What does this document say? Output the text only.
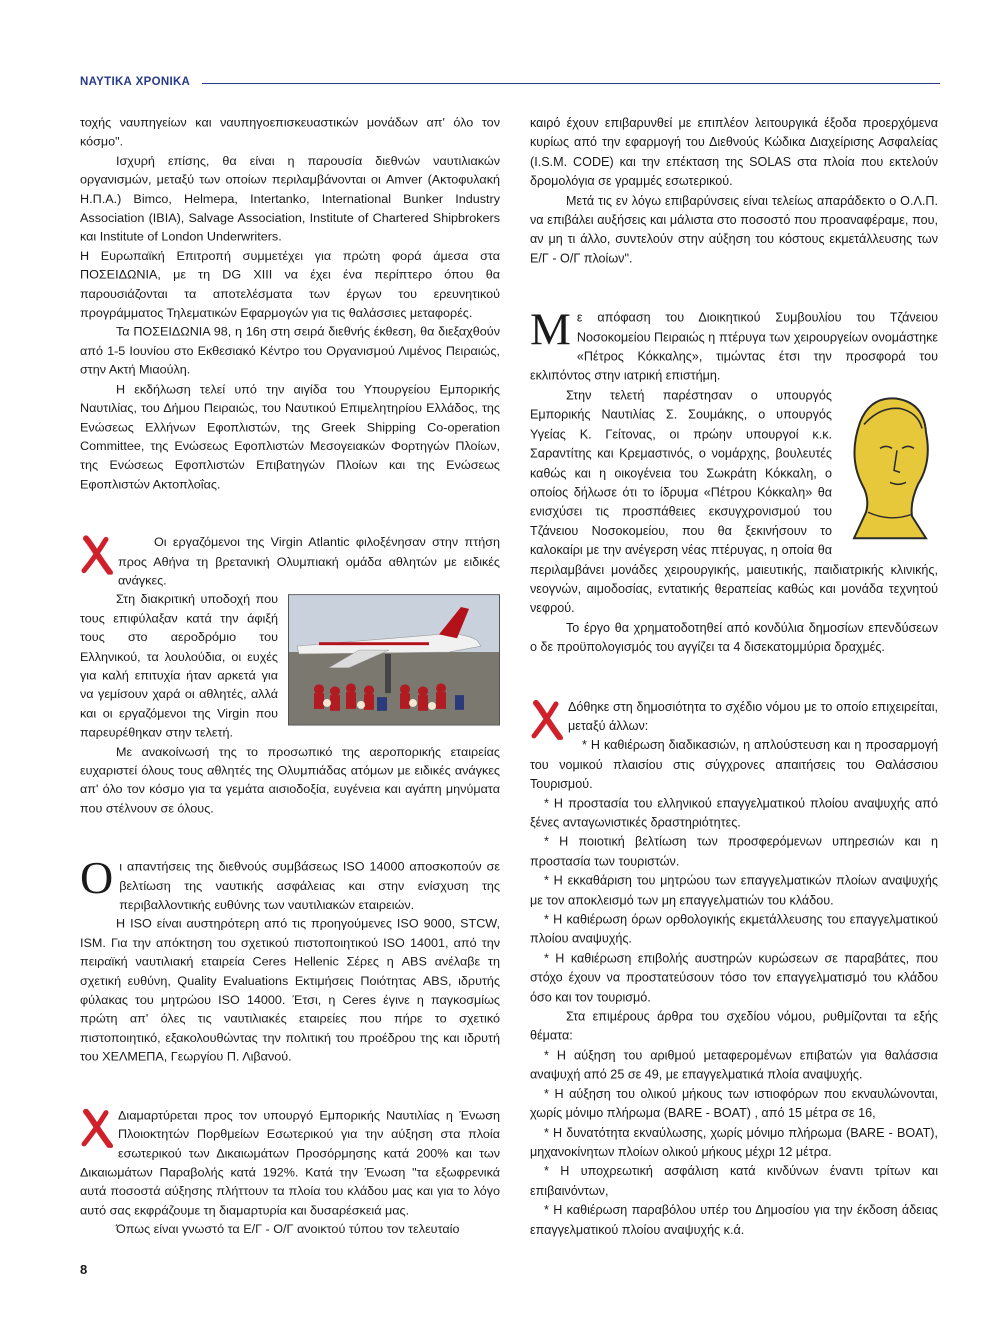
ΝΑΥΤΙΚΑ ΧΡΟΝΙΚΑ

τοχής ναυπηγείων και ναυπηγοεπισκευαστικών μονάδων απ' όλο τον κόσμο".

Ισχυρή επίσης, θα είναι η παρουσία διεθνών ναυτιλιακών οργανισμών, μεταξύ των οποίων περιλαμβάνονται οι Amver (Ακτοφυλακή Η.Π.Α.) Bimco, Helmepa, Intertanko, International Bunker Industry Association (IBIA), Salvage Association, Institute of Chartered Shipbrokers και Institute of London Underwriters.

Η Ευρωπαϊκή Επιτροπή συμμετέχει για πρώτη φορά άμεσα στα ΠΟΣΕΙΔΩΝΙΑ, με τη DG XIII να έχει ένα περίπτερο όπου θα παρουσιάζονται τα αποτελέσματα των έργων του ερευνητικού προγράμματος Τηλεματικών Εφαρμογών για τις θαλάσσιες μεταφορές.

Τα ΠΟΣΕΙΔΩΝΙΑ 98, η 16η στη σειρά διεθνής έκθεση, θα διεξαχθούν από 1-5 Ιουνίου στο Εκθεσιακό Κέντρο του Οργανισμού Λιμένος Πειραιώς, στην Ακτή Μιαούλη.

Η εκδήλωση τελεί υπό την αιγίδα του Υπουργείου Εμπορικής Ναυτιλίας, του Δήμου Πειραιώς, του Ναυτικού Επιμελητηρίου Ελλάδος, της Ενώσεως Ελλήνων Εφοπλιστών, της Greek Shipping Co-operation Committee, της Ενώσεως Εφοπλιστών Μεσογειακών Φορτηγών Πλοίων, της Ενώσεως Εφοπλιστών Επιβατηγών Πλοίων και της Ενώσεως Εφοπλιστών Ακτοπλοΐας.

Οι εργαζόμενοι της Virgin Atlantic φιλοξένησαν στην πτήση προς Αθήνα τη βρετανική Ολυμπιακή ομάδα αθλητών με ειδικές ανάγκες.

Στη διακριτική υποδοχή που τους επιφύλαξαν κατά την άφιξή τους στο αεροδρόμιο του Ελληνικού, τα λουλούδια, οι ευχές για καλή επιτυχία ήταν αρκετά για να γεμίσουν χαρά οι αθλητές, αλλά και οι εργαζόμενοι της Virgin που παρευρέθηκαν στην τελετή.

Με ανακοίνωσή της το προσωπικό της αεροπορικής εταιρείας ευχαριστεί όλους τους αθλητές της Ολυμπιάδας ατόμων με ειδικές ανάγκες απ' όλο τον κόσμο για τα γεμάτα αισιοδοξία, ευγένεια και αγάπη μηνύματα που στέλνουν σε όλους.

Ο ι απαντήσεις της διεθνούς συμβάσεως ISO 14000 αποσκοπούν σε βελτίωση της ναυτικής ασφάλειας και στην ενίσχυση της περιβαλλοντικής ευθύνης των ναυτιλιακών εταιρειών.

Η ISO είναι αυστηρότερη από τις προηγούμενες ISO 9000, STCW, ISM. Για την απόκτηση του σχετικού πιστοποιητικού ISO 14001, από την πειραϊκή ναυτιλιακή εταιρεία Ceres Hellenic Σέρες η ABS ανέλαβε τη σχετική ευθύνη, Quality Evaluations Εκτιμήσεις Ποιότητας ABS, ιδρυτής φύλακας του μητρώου ISO 14000. Έτσι, η Ceres έγινε η παγκοσμίως πρώτη απ' όλες τις ναυτιλιακές εταιρείες που πήρε το σχετικό πιστοποιητικό, εξακολουθώντας την πολιτική του προέδρου της και ιδρυτή του ΧΕΛΜΕΠΑ, Γεωργίου Π. Λιβανού.

Διαμαρτύρεται προς τον υπουργό Εμπορικής Ναυτιλίας η Ένωση Πλοιοκτητών Πορθμείων Εσωτερικού για την αύξηση στα πλοία εσωτερικού των Δικαιωμάτων Προσόρμησης κατά 200% και των Δικαιωμάτων Παραβολής κατά 192%. Κατά την Ένωση "τα εξωφρενικά αυτά ποσοστά αύξησης πλήττουν τα πλοία του κλάδου μας και για το λόγο αυτό σας εκφράζουμε τη διαμαρτυρία και δυσαρέσκειά μας.

Όπως είναι γνωστό τα Ε/Γ - Ο/Γ ανοικτού τύπου τον τελευταίο

καιρό έχουν επιβαρυνθεί με επιπλέον λειτουργικά έξοδα προερχόμενα κυρίως από την εφαρμογή του Διεθνούς Κώδικα Διαχείρισης Ασφαλείας (I.S.M. CODE) και την επέκταση της SOLAS στα πλοία που εκτελούν δρομολόγια σε γραμμές εσωτερικού.

Μετά τις εν λόγω επιβαρύνσεις είναι τελείως απαράδεκτο ο Ο.Λ.Π. να επιβάλει αυξήσεις και μάλιστα στο ποσοστό που προαναφέραμε, που, αν μη τι άλλο, συντελούν στην αύξηση του κόστους εκμετάλλευσης των Ε/Γ - Ο/Γ πλοίων".

Μ ε απόφαση του Διοικητικού Συμβουλίου του Τζάνειου Νοσοκομείου Πειραιώς η πτέρυγα των χειρουργείων ονομάστηκε «Πέτρος Κόκκαλης», τιμώντας έτσι την προσφορά του εκλιπόντος στην ιατρική επιστήμη.

Στην τελετή παρέστησαν ο υπουργός Εμπορικής Ναυτιλίας Σ. Σουμάκης, ο υπουργός Υγείας Κ. Γείτονας, οι πρώην υπουργοί κ.κ. Σαραντίτης και Κρεμαστινός, ο νομάρχης, βουλευτές καθώς και η οικογένεια του Σωκράτη Κόκκαλη, ο οποίος δήλωσε ότι το ίδρυμα «Πέτρου Κόκκαλη» θα ενισχύσει τις προσπάθειες εκσυγχρονισμού του Τζάνειου Νοσοκομείου, που θα ξεκινήσουν το καλοκαίρι με την ανέγερση νέας πτέρυγας, η οποία θα περιλαμβάνει μονάδες χειρουργικής, μαιευτικής, παιδιατρικής κλινικής, νεογνών, αιμοδοσίας, εντατικής θεραπείας καθώς και μονάδα τεχνητού νεφρού.

Το έργο θα χρηματοδοτηθεί από κονδύλια δημοσίων επενδύσεων ο δε προϋπολογισμός του αγγίζει τα 4 δισεκατομμύρια δραχμές.

Δόθηκε στη δημοσιότητα το σχέδιο νόμου με το οποίο επιχειρείται, μεταξύ άλλων:

* Η καθιέρωση διαδικασιών, η απλούστευση και η προσαρμογή του νομικού πλαισίου στις σύγχρονες απαιτήσεις του Θαλάσσιου Τουρισμού.

* Η προστασία του ελληνικού επαγγελματικού πλοίου αναψυχής από ξένες ανταγωνιστικές δραστηριότητες.

* Η ποιοτική βελτίωση των προσφερόμενων υπηρεσιών και η προστασία των τουριστών.

* Η εκκαθάριση του μητρώου των επαγγελματικών πλοίων αναψυχής με τον αποκλεισμό των μη επαγγελματιών του κλάδου.

* Η καθιέρωση όρων ορθολογικής εκμετάλλευσης του επαγγελματικού πλοίου αναψυχής.

* Η καθιέρωση επιβολής αυστηρών κυρώσεων σε παραβάτες, που στόχο έχουν να προστατεύσουν τόσο τον επαγγελματισμό του κλάδου όσο και τον τουρισμό.

Στα επιμέρους άρθρα του σχεδίου νόμου, ρυθμίζονται τα εξής θέματα:

* Η αύξηση του αριθμού μεταφερομένων επιβατών για θαλάσσια αναψυχή από 25 σε 49, με επαγγελματικά πλοία αναψυχής.

* Η αύξηση του ολικού μήκους των ιστιοφόρων που εκναυλώνονται, χωρίς μόνιμο πλήρωμα (BARE - BOAT) , από 15 μέτρα σε 16,

* Η δυνατότητα εκναύλωσης, χωρίς μόνιμο πλήρωμα (BARE - BOAT), μηχανοκίνητων πλοίων ολικού μήκους μέχρι 12 μέτρα.

* Η υποχρεωτική ασφάλιση κατά κινδύνων έναντι τρίτων και επιβαινόντων,

* Η καθιέρωση παραβόλου υπέρ του Δημοσίου για την έκδοση άδειας επαγγελματικού πλοίου αναψυχής κ.ά.

8
